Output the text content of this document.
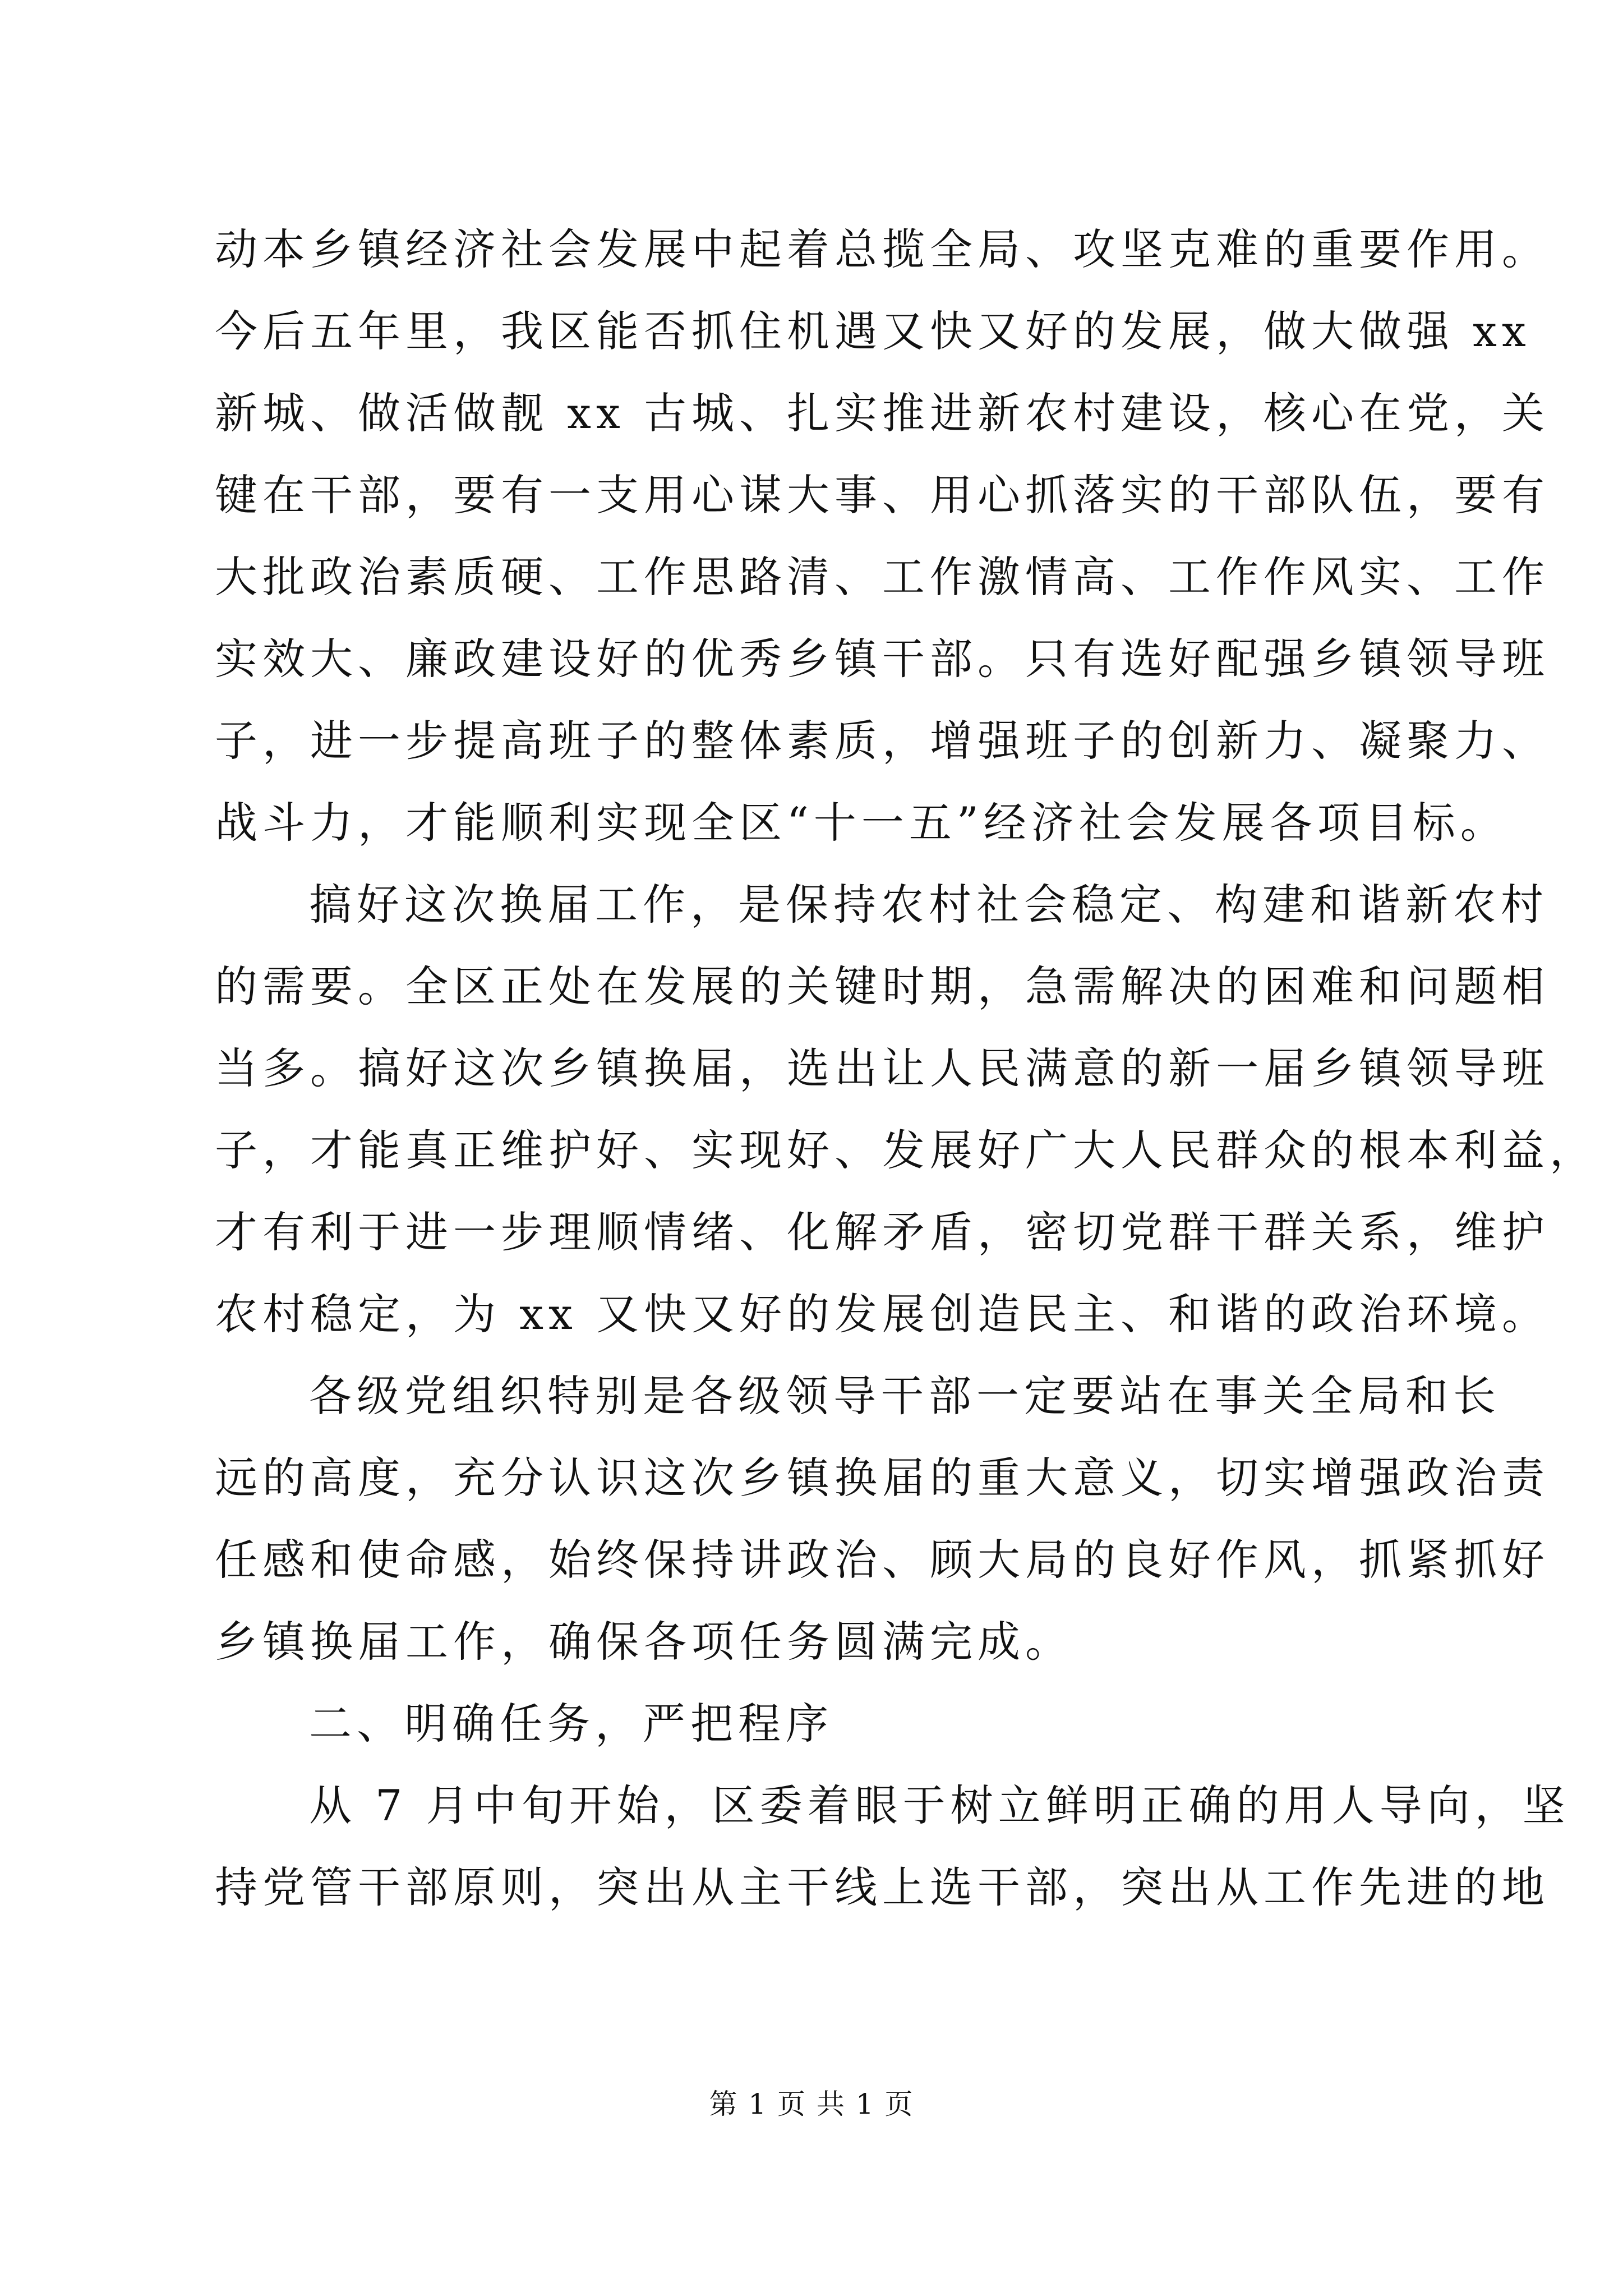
动本乡镇经济社会发展中起着总揽全局、攻坚克难的重要作用。
今后五年里，我区能否抓住机遇又快又好的发展，做大做强 xx
新城、做活做靓 xx 古城、扎实推进新农村建设，核心在党，关
键在干部，要有一支用心谋大事、用心抓落实的干部队伍，要有
大批政治素质硬、工作思路清、工作激情高、工作作风实、工作
实效大、廉政建设好的优秀乡镇干部。只有选好配强乡镇领导班
子，进一步提高班子的整体素质，增强班子的创新力、凝聚力、
战斗力，才能顺利实现全区“十一五”经济社会发展各项目标。
搞好这次换届工作，是保持农村社会稳定、构建和谐新农村
的需要。全区正处在发展的关键时期，急需解决的困难和问题相
当多。搞好这次乡镇换届，选出让人民满意的新一届乡镇领导班
子，才能真正维护好、实现好、发展好广大人民群众的根本利益，
才有利于进一步理顺情绪、化解矛盾，密切党群干群关系，维护
农村稳定，为 xx 又快又好的发展创造民主、和谐的政治环境。
各级党组织特别是各级领导干部一定要站在事关全局和长
远的高度，充分认识这次乡镇换届的重大意义，切实增强政治责
任感和使命感，始终保持讲政治、顾大局的良好作风，抓紧抓好
乡镇换届工作，确保各项任务圆满完成。
二、明确任务，严把程序
从 7 月中旬开始，区委着眼于树立鲜明正确的用人导向，坚
持党管干部原则，突出从主干线上选干部，突出从工作先进的地
第 1 页 共 1 页
